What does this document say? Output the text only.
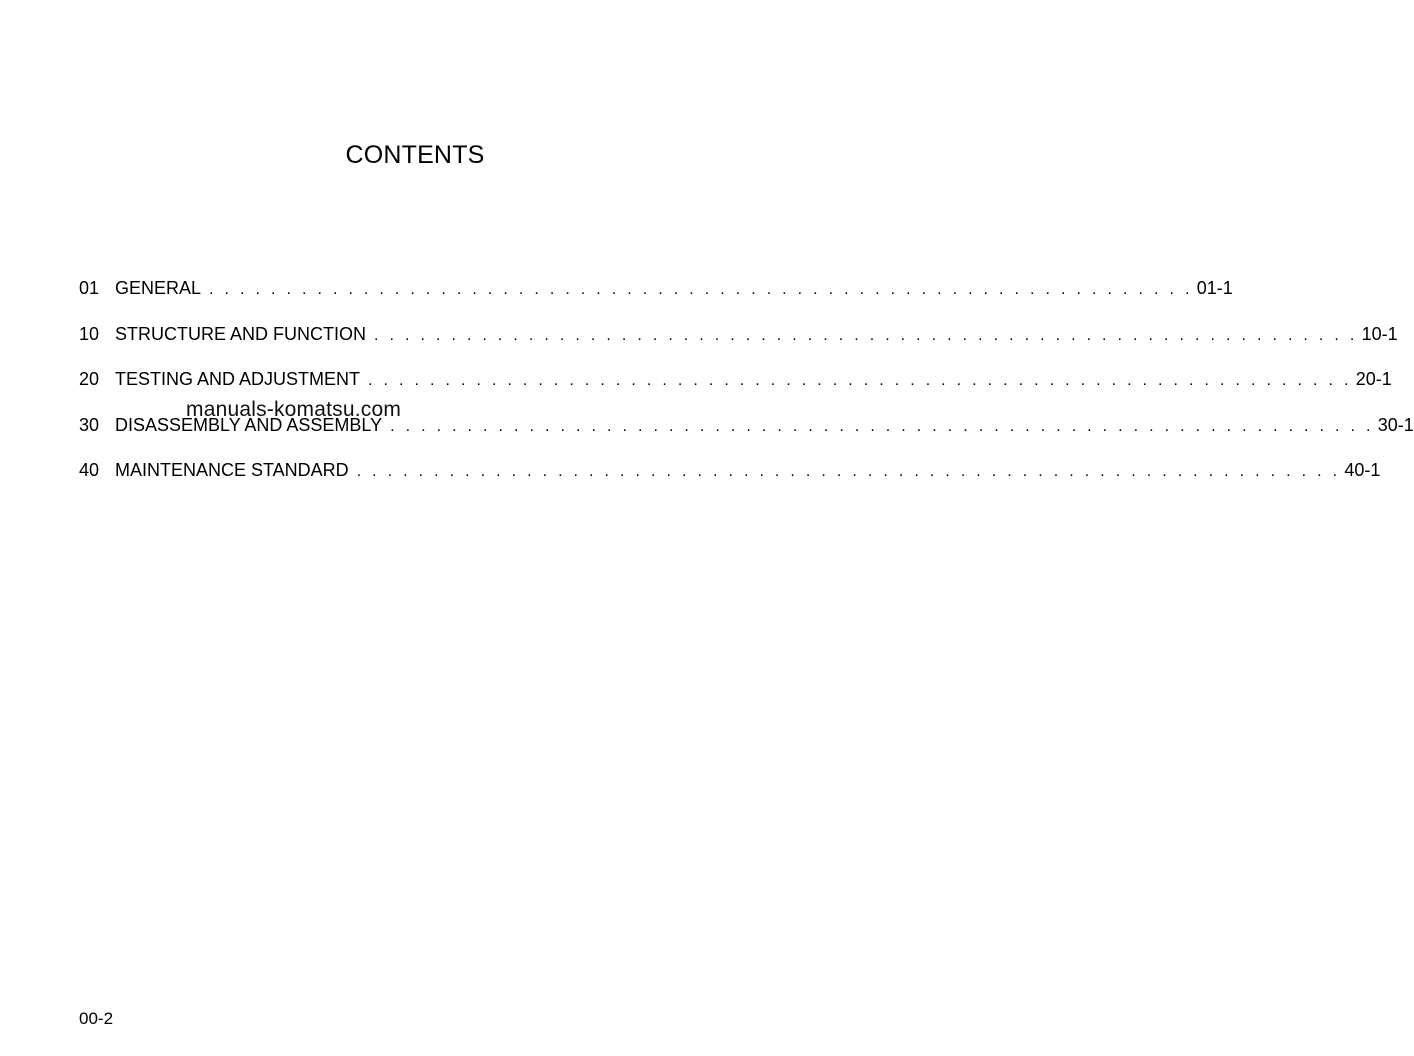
CONTENTS
01 GENERAL . . . . . . . . . . . . . . . . . . . . . . . . . . . . . . . . . . . . . . . . . . . . . . . . . . . . . . . . . . . . . . . . 01-1
10 STRUCTURE AND FUNCTION . . . . . . . . . . . . . . . . . . . . . . . . . . . . . . . . . . . . . . . . . . . . . . . . . . . . . . . . . . . . . . . . 10-1
20 TESTING AND ADJUSTMENT . . . . . . . . . . . . . . . . . . . . . . . . . . . . . . . . . . . . . . . . . . . . . . . . . . . . . . . . . . . . . . . . 20-1
30 DISASSEMBLY AND ASSEMBLY . . . . . . . . . . . . . . . . . . . . . . . . . . . . . . . . . . . . . . . . . . . . . . . . . . . . . . . . . . . . . . . . 30-1
40 MAINTENANCE STANDARD . . . . . . . . . . . . . . . . . . . . . . . . . . . . . . . . . . . . . . . . . . . . . . . . . . . . . . . . . . . . . . . . 40-1
manuals-komatsu.com
00-2
